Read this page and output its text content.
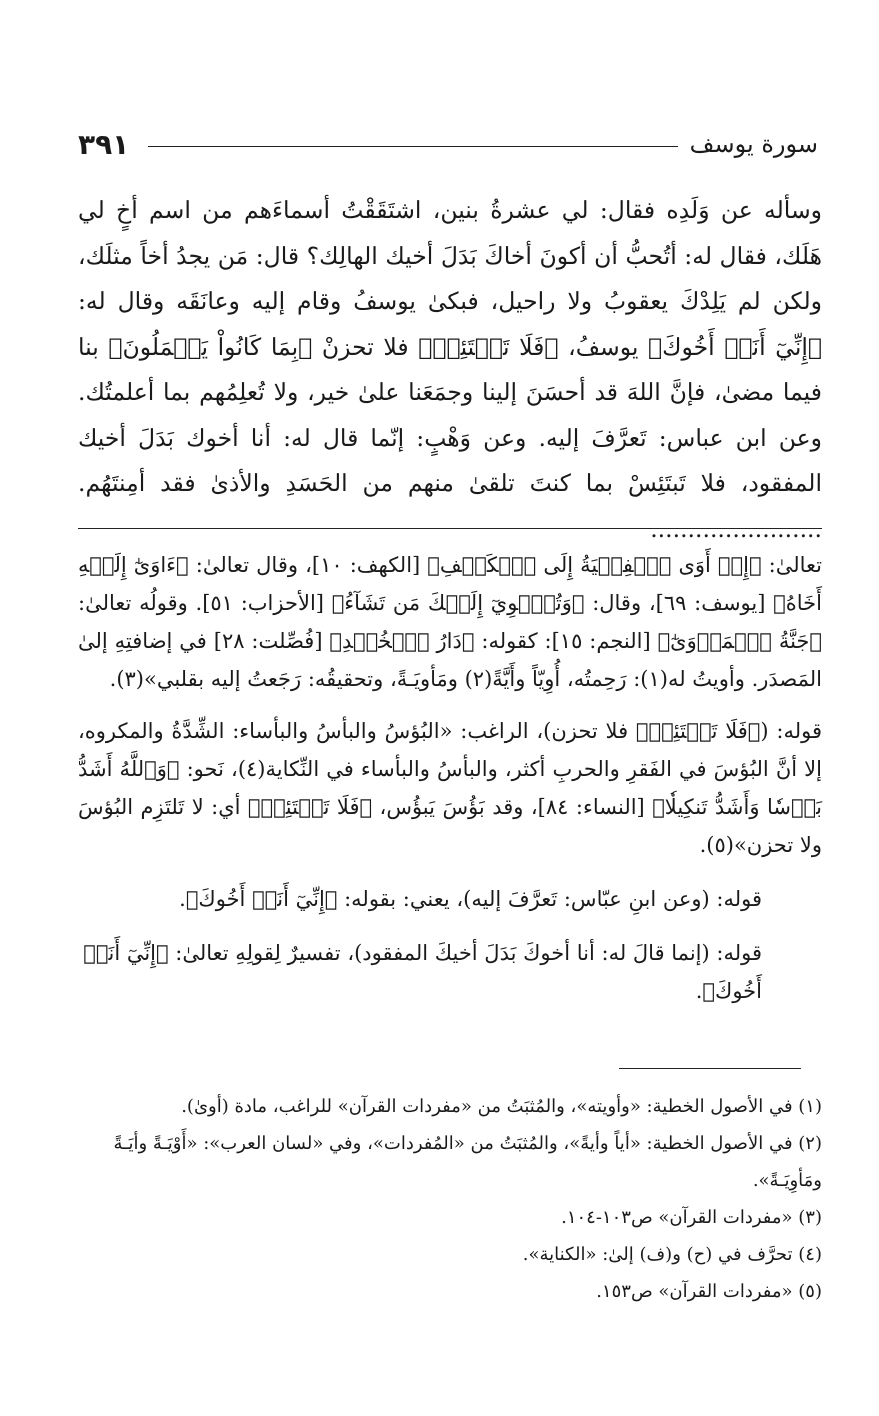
٣٩١	سورة يوسف

وسأله عن وَلَدِه فقال: لي عشرةُ بنين، اشتَقَقْتُ أسماءَهم من اسم أخٍ لي هَلَك، فقال له: أتُحبُّ أن أكونَ أخاكَ بَدَلَ أخيك الهالِك؟ قال: مَن يجدُ أخاً مثلَك، ولكن لم يَلِدْكَ يعقوبُ ولا راحيل، فبكىٰ يوسفُ وقام إليه وعانَقَه وقال له: ﴿إِنِّيٓ أَنَا۠ أَخُوكَ﴾ يوسفُ، ﴿فَلَا تَبۡتَئِسۡ﴾ فلا تحزنْ ﴿بِمَا كَانُواْ يَعۡمَلُونَ﴾ بنا فيما مضىٰ، فإنَّ اللهَ قد أحسَنَ إلينا وجمَعَنا علىٰ خير، ولا تُعلِمُهم بما أعلمتُك. وعن ابن عباس: تَعرَّفَ إليه. وعن وَهْبٍ: إنّما قال له: أنا أخوك بَدَلَ أخيك المفقود، فلا تَبتَئِسْ بما كنتَ تلقىٰ منهم من الحَسَدِ والأذىٰ فقد أمِنتَهُم. .......................

تعالىٰ: ﴿إِذۡ أَوَى ٱلۡفِتۡيَةُ إِلَى ٱلۡكَهۡفِ﴾ [الكهف: ١٠]، وقال تعالىٰ: ﴿ءَاوَىٰٓ إِلَيۡهِ أَخَاهُ﴾ [يوسف: ٦٩]، وقال: ﴿وَتُـٔۡوِيٓ إِلَيۡكَ مَن تَشَآءُ﴾ [الأحزاب: ٥١]. وقولُه تعالىٰ: ﴿جَنَّةُ ٱلۡمَأۡوَىٰٓ﴾ [النجم: ١٥]: كقوله: ﴿دَارُ ٱلۡخُلۡدِ﴾ [فُصِّلت: ٢٨] في إضافتِهِ إلىٰ المَصدَر. وأويتُ له(١): رَحِمتُه، أُوِيّاً وأَيَّةً(٢) ومَأويَـةً، وتحقيقُه: رَجَعتُ إليه بقلبي»(٣).

قوله: (﴿فَلَا تَبۡتَئِسۡ﴾ فلا تحزن)، الراغب: «البُؤسُ والبأسُ والبأساء: الشِّدَّةُ والمكروه، إلا أنَّ البُؤسَ في الفَقرِ والحربِ أكثر، والبأسُ والبأساء في النِّكاية(٤)، نَحو: ﴿وَٱللَّهُ أَشَدُّ بَأۡسٗا وَأَشَدُّ تَنكِيلٗا﴾ [النساء: ٨٤]، وقد بَؤُسَ يَبؤُس، ﴿فَلَا تَبۡتَئِسۡ﴾ أي: لا تَلتَزِم البُؤسَ ولا تحزن»(٥).

قوله: (وعن ابنِ عبّاس: تَعرَّفَ إليه)، يعني: بقوله: ﴿إِنِّيٓ أَنَا۠ أَخُوكَ﴾.

قوله: (إنما قالَ له: أنا أخوكَ بَدَلَ أخيكَ المفقود)، تفسيرٌ لِقولِهِ تعالىٰ: ﴿إِنِّيٓ أَنَا۠ أَخُوكَ﴾.

(١) في الأصول الخطية: «وأويته»، والمُثبَتُ من «مفردات القرآن» للراغب، مادة (أوىٰ).
(٢) في الأصول الخطية: «أياً وأيةً»، والمُثبَتُ من «المُفردات»، وفي «لسان العرب»: «أَوْيَـةً وأيَـةً ومَأوِيَـةً».
(٣) «مفردات القرآن» ص١٠٣-١٠٤.
(٤) تحرَّف في (ح) و(ف) إلىٰ: «الكناية».
(٥) «مفردات القرآن» ص١٥٣.
